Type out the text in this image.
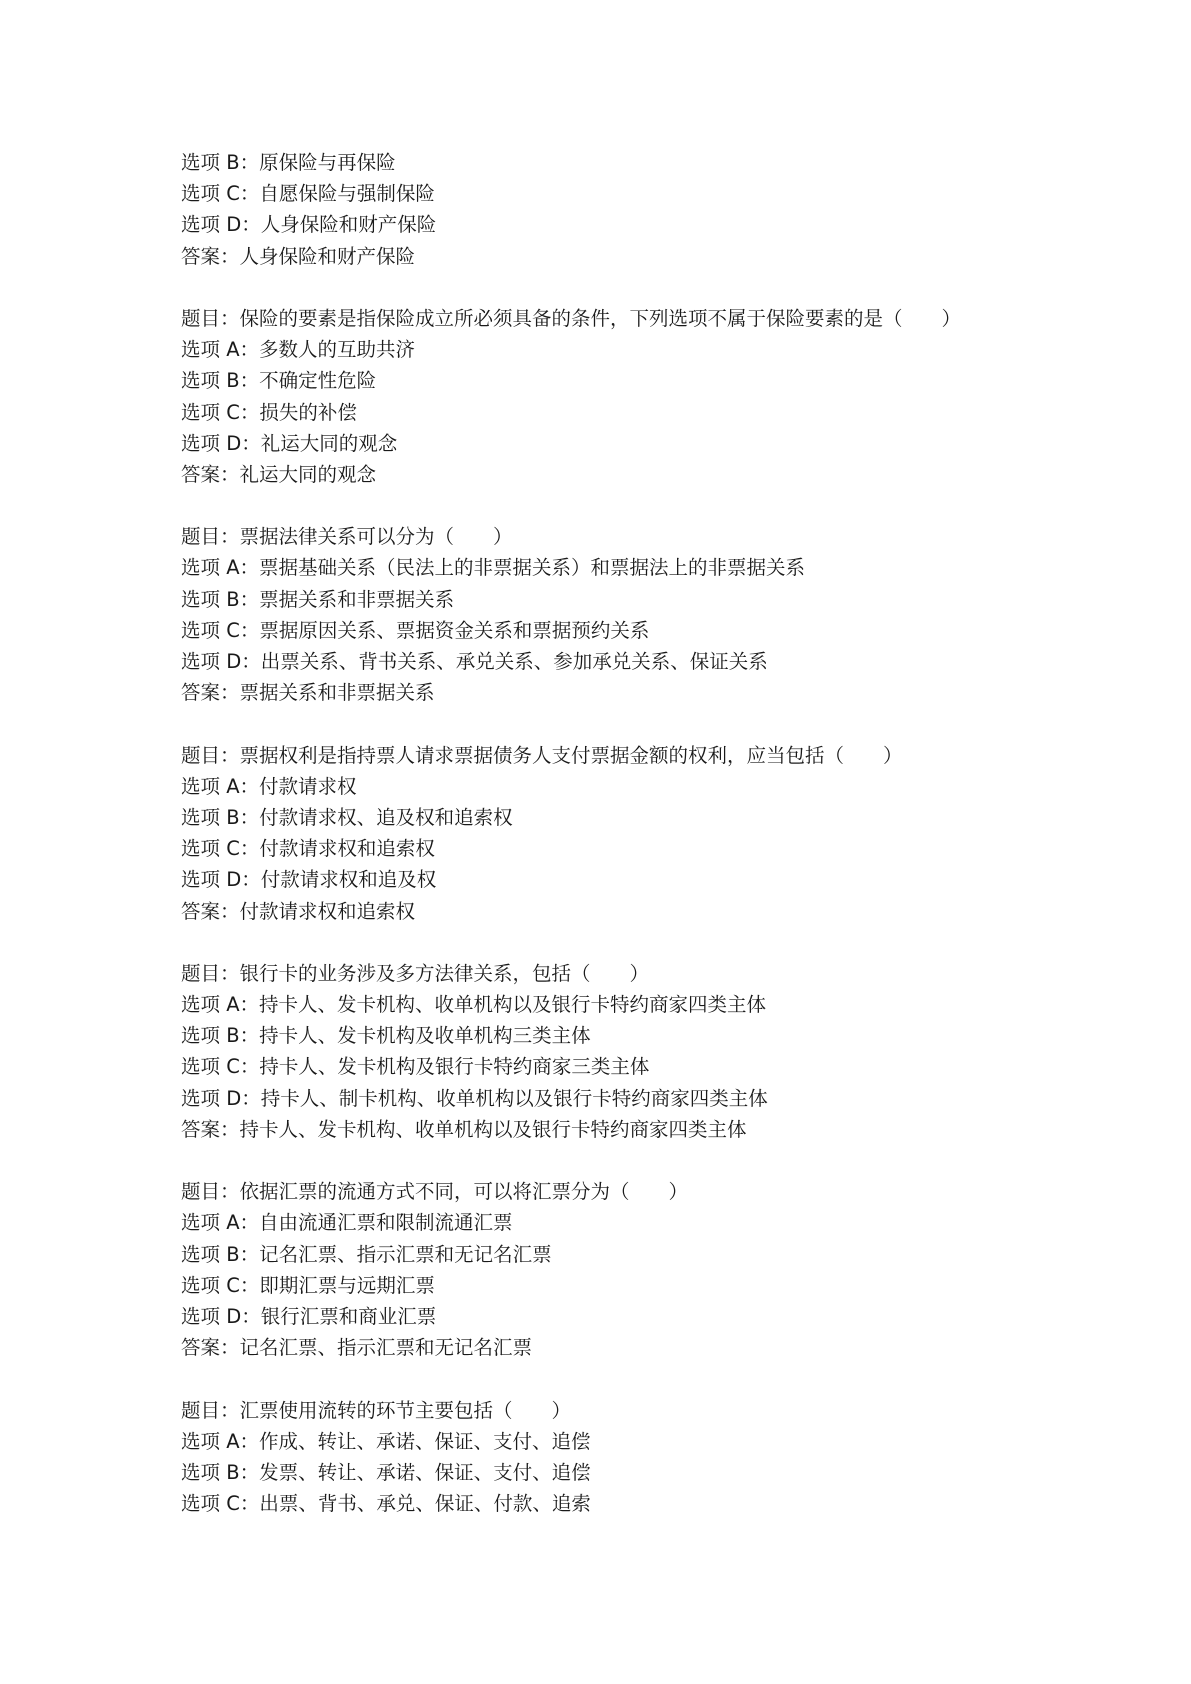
选项 B：原保险与再保险
选项 C：自愿保险与强制保险
选项 D：人身保险和财产保险
答案：人身保险和财产保险
题目：保险的要素是指保险成立所必须具备的条件，下列选项不属于保险要素的是（　　）
选项 A：多数人的互助共济
选项 B：不确定性危险
选项 C：损失的补偿
选项 D：礼运大同的观念
答案：礼运大同的观念
题目：票据法律关系可以分为（　　）
选项 A：票据基础关系（民法上的非票据关系）和票据法上的非票据关系
选项 B：票据关系和非票据关系
选项 C：票据原因关系、票据资金关系和票据预约关系
选项 D：出票关系、背书关系、承兑关系、参加承兑关系、保证关系
答案：票据关系和非票据关系
题目：票据权利是指持票人请求票据债务人支付票据金额的权利，应当包括（　　）
选项 A：付款请求权
选项 B：付款请求权、追及权和追索权
选项 C：付款请求权和追索权
选项 D：付款请求权和追及权
答案：付款请求权和追索权
题目：银行卡的业务涉及多方法律关系，包括（　　）
选项 A：持卡人、发卡机构、收单机构以及银行卡特约商家四类主体
选项 B：持卡人、发卡机构及收单机构三类主体
选项 C：持卡人、发卡机构及银行卡特约商家三类主体
选项 D：持卡人、制卡机构、收单机构以及银行卡特约商家四类主体
答案：持卡人、发卡机构、收单机构以及银行卡特约商家四类主体
题目：依据汇票的流通方式不同，可以将汇票分为（　　）
选项 A：自由流通汇票和限制流通汇票
选项 B：记名汇票、指示汇票和无记名汇票
选项 C：即期汇票与远期汇票
选项 D：银行汇票和商业汇票
答案：记名汇票、指示汇票和无记名汇票
题目：汇票使用流转的环节主要包括（　　）
选项 A：作成、转让、承诺、保证、支付、追偿
选项 B：发票、转让、承诺、保证、支付、追偿
选项 C：出票、背书、承兑、保证、付款、追索
